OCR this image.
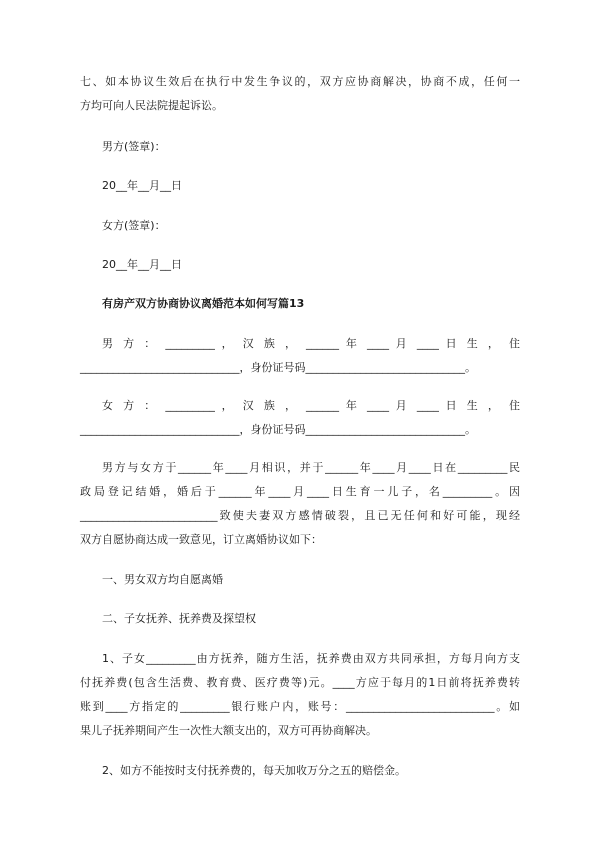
七、如本协议生效后在执行中发生争议的，双方应协商解决，协商不成，任何一
方均可向人民法院提起诉讼。
男方(签章)：
20__年__月__日
女方(签章)：
20__年__月__日
有房产双方协商协议离婚范本如何写篇13
男 方 ： _________ ， 汉 族 ， ______ 年 ____ 月 ____ 日 生 ， 住
_____________________________，身份证号码_____________________________。
女 方 ： _________ ， 汉 族 ， ______ 年 ____ 月 ____ 日 生 ， 住
_____________________________，身份证号码_____________________________。
男方与女方于______年____月相识，并于______年____月____日在_________民
政局登记结婚，婚后于______年____月____日生育一儿子，名_________。因
_________________________致使夫妻双方感情破裂，且已无任何和好可能，现经
双方自愿协商达成一致意见，订立离婚协议如下：
一、男女双方均自愿离婚
二、子女抚养、抚养费及探望权
1、子女_________由方抚养，随方生活，抚养费由双方共同承担，方每月向方支
付抚养费(包含生活费、教育费、医疗费等)元。____方应于每月的1日前将抚养费转
账到____方指定的_________银行账户内，账号：___________________________。如
果儿子抚养期间产生一次性大额支出的，双方可再协商解决。
2、如方不能按时支付抚养费的，每天加收万分之五的赔偿金。
